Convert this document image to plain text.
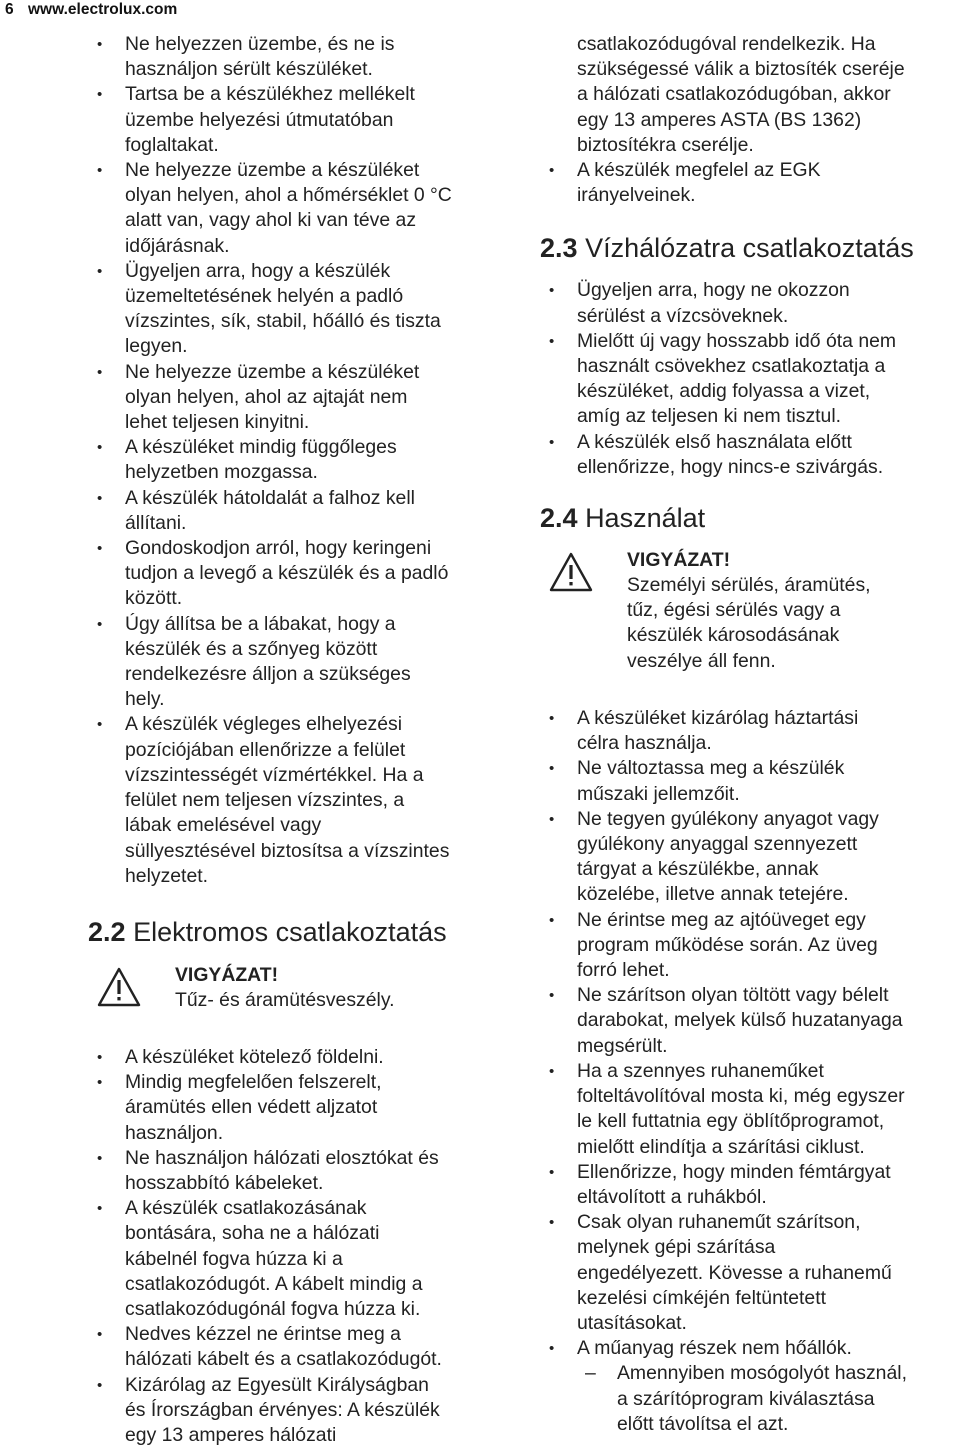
6 www.electrolux.com
• Ne helyezzen üzembe, és ne is
használjon sérült készüléket.
• Tartsa be a készülékhez mellékelt
üzembe helyezési útmutatóban
foglaltakat.
• Ne helyezze üzembe a készüléket
olyan helyen, ahol a hőmérséklet 0 °C
alatt van, vagy ahol ki van téve az
időjárásnak.
• Ügyeljen arra, hogy a készülék
üzemeltetésének helyén a padló
vízszintes, sík, stabil, hőálló és tiszta
legyen.
• Ne helyezze üzembe a készüléket
olyan helyen, ahol az ajtaját nem
lehet teljesen kinyitni.
• A készüléket mindig függőleges
helyzetben mozgassa.
• A készülék hátoldalát a falhoz kell
állítani.
• Gondoskodjon arról, hogy keringeni
tudjon a levegő a készülék és a padló
között.
• Úgy állítsa be a lábakat, hogy a
készülék és a szőnyeg között
rendelkezésre álljon a szükséges
hely.
• A készülék végleges elhelyezési
pozíciójában ellenőrizze a felület
vízszintességét vízmértékkel. Ha a
felület nem teljesen vízszintes, a
lábak emelésével vagy
süllyesztésével biztosítsa a vízszintes
helyzetet.
2.2 Elektromos csatlakoztatás
VIGYÁZAT!
Tűz- és áramütésveszély.
• A készüléket kötelező földelni.
• Mindig megfelelően felszerelt,
áramütés ellen védett aljzatot
használjon.
• Ne használjon hálózati elosztókat és
hosszabbító kábeleket.
• A készülék csatlakozásának
bontására, soha ne a hálózati
kábelnél fogva húzza ki a
csatlakozódugót. A kábelt mindig a
csatlakozódugónál fogva húzza ki.
• Nedves kézzel ne érintse meg a
hálózati kábelt és a csatlakozódugót.
• Kizárólag az Egyesült Királyságban
és Írországban érvényes: A készülék
egy 13 amperes hálózati
csatlakozódugóval rendelkezik. Ha
szükségessé válik a biztosíték cseréje
a hálózati csatlakozódugóban, akkor
egy 13 amperes ASTA (BS 1362)
biztosítékra cserélje.
• A készülék megfelel az EGK
irányelveinek.
2.3 Vízhálózatra csatlakoztatás
• Ügyeljen arra, hogy ne okozzon
sérülést a vízcsöveknek.
• Mielőtt új vagy hosszabb idő óta nem
használt csövekhez csatlakoztatja a
készüléket, addig folyassa a vizet,
amíg az teljesen ki nem tisztul.
• A készülék első használata előtt
ellenőrizze, hogy nincs-e szivárgás.
2.4 Használat
VIGYÁZAT!
Személyi sérülés, áramütés,
tűz, égési sérülés vagy a
készülék károsodásának
veszélye áll fenn.
• A készüléket kizárólag háztartási
célra használja.
• Ne változtassa meg a készülék
műszaki jellemzőit.
• Ne tegyen gyúlékony anyagot vagy
gyúlékony anyaggal szennyezett
tárgyat a készülékbe, annak
közelébe, illetve annak tetejére.
• Ne érintse meg az ajtóüveget egy
program működése során. Az üveg
forró lehet.
• Ne szárítson olyan töltött vagy bélelt
darabokat, melyek külső huzatanyaga
megsérült.
• Ha a szennyes ruhaneműket
folteltávolítóval mosta ki, még egyszer
le kell futtatnia egy öblítőprogramot,
mielőtt elindítja a szárítási ciklust.
• Ellenőrizze, hogy minden fémtárgyat
eltávolított a ruhákból.
• Csak olyan ruhaneműt szárítson,
melynek gépi szárítása
engedélyezett. Kövesse a ruhanemű
kezelési címkéjén feltüntetett
utasításokat.
• A műanyag részek nem hőállók.
– Amennyiben mosógolyót használ,
a szárítóprogram kiválasztása
előtt távolítsa el azt.
